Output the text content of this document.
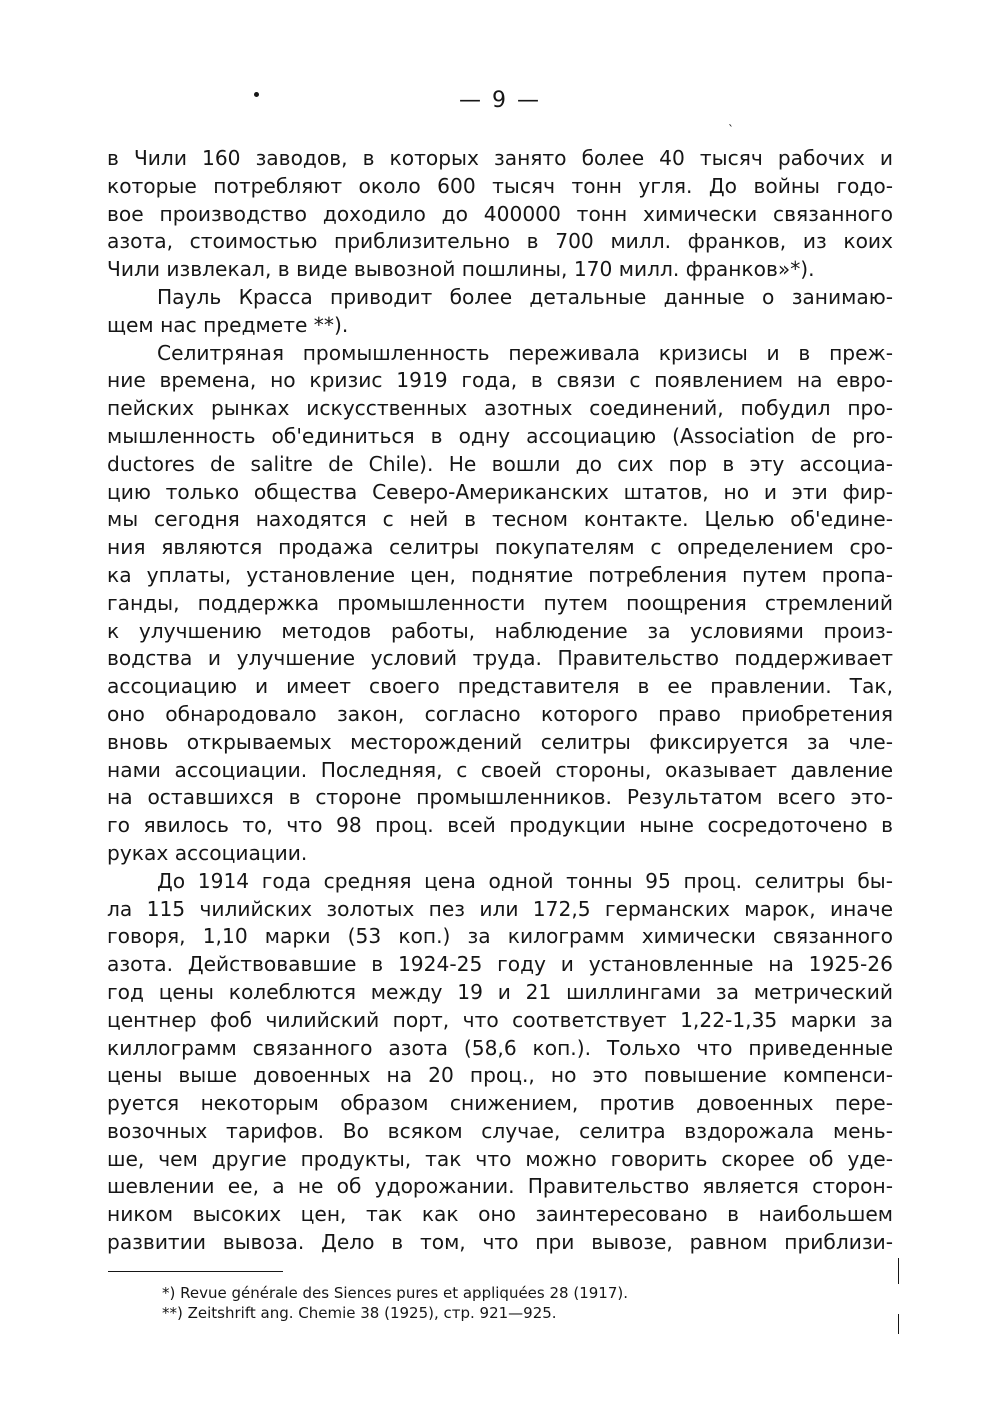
— 9 —
`
в Чили 160 заводов, в которых занято более 40 тысяч рабочих и
которые потребляют около 600 тысяч тонн угля. До войны годо-
вое производство доходило до 400000 тонн химически связанного
азота, стоимостью приблизительно в 700 милл. франков, из коих
Чили извлекал, в виде вывозной пошлины, 170 милл. франков»*).
Пауль Красса приводит более детальные данные о занимаю-
щем нас предмете **).
Селитряная промышленность переживала кризисы и в преж-
ние времена, но кризис 1919 года, в связи с появлением на евро-
пейских рынках искусственных азотных соединений, побудил про-
мышленность об'единиться в одну ассоциацию (Association de pro-
ductores de salitre de Chile). Не вошли до сих пор в эту ассоциа-
цию только общества Северо-Американских штатов, но и эти фир-
мы сегодня находятся с ней в тесном контакте. Целью об'едине-
ния являются продажа селитры покупателям с определением сро-
ка уплаты, установление цен, поднятие потребления путем пропа-
ганды, поддержка промышленности путем поощрения стремлений
к улучшению методов работы, наблюдение за условиями произ-
водства и улучшение условий труда. Правительство поддерживает
ассоциацию и имеет своего представителя в ее правлении. Так,
оно обнародовало закон, согласно которого право приобретения
вновь открываемых месторождений селитры фиксируется за чле-
нами ассоциации. Последняя, с своей стороны, оказывает давление
на оставшихся в стороне промышленников. Результатом всего это-
го явилось то, что 98 проц. всей продукции ныне сосредоточено в
руках ассоциации.
До 1914 года средняя цена одной тонны 95 проц. селитры бы-
ла 115 чилийских золотых пез или 172,5 германских марок, иначе
говоря, 1,10 марки (53 коп.) за килограмм химически связанного
азота. Действовавшие в 1924-25 году и установленные на 1925-26
год цены колеблются между 19 и 21 шиллингами за метрический
центнер фоб чилийский порт, что соответствует 1,22-1,35 марки за
киллограмм связанного азота (58,6 коп.). Тольхо что приведенные
цены выше довоенных на 20 проц., но это повышение компенси-
руется некоторым образом снижением, против довоенных пере-
возочных тарифов. Во всяком случае, селитра вздорожала мень-
ше, чем другие продукты, так что можно говорить скорее об уде-
шевлении ее, а не об удорожании. Правительство является сторон-
ником высоких цен, так как оно заинтересовано в наибольшем
развитии вывоза. Дело в том, что при вывозе, равном приблизи-
*) Revue générale des Siences pures et appliquées 28 (1917).
**) Zeitshrift ang. Chemie 38 (1925), стр. 921—925.
